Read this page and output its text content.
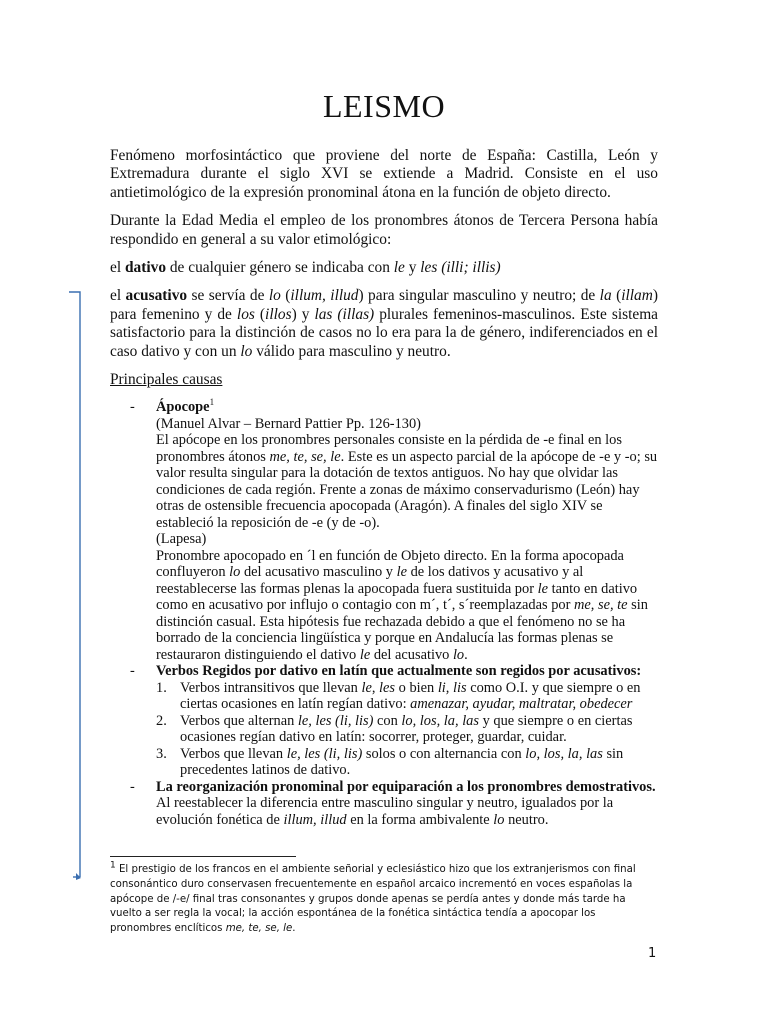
LEISMO

Fenómeno morfosintáctico que proviene del norte de España: Castilla, León y Extremadura durante el siglo XVI se extiende a Madrid. Consiste en el uso antietimológico de la expresión pronominal átona en la función de objeto directo.

Durante la Edad Media el empleo de los pronombres átonos de Tercera Persona había respondido en general a su valor etimológico:

el dativo de cualquier género se indicaba con le y les (illi; illis)

el acusativo se servía de lo (illum, illud) para singular masculino y neutro; de la (illam) para femenino y de los (illos) y las (illas) plurales femeninos-masculinos. Este sistema satisfactorio para la distinción de casos no lo era para la de género, indiferenciados en el caso dativo y con un lo válido para masculino y neutro.

Principales causas

- Ápocope$^1$
(Manuel Alvar – Bernard Pattier Pp. 126-130)
El apócope en los pronombres personales consiste en la pérdida de -e final en los pronombres átonos me, te, se, le. Este es un aspecto parcial de la apócope de -e y -o; su valor resulta singular para la dotación de textos antiguos. No hay que olvidar las condiciones de cada región. Frente a zonas de máximo conservadurismo (León) hay otras de ostensible frecuencia apocopada (Aragón). A finales del siglo XIV se estableció la reposición de -e (y de -o).
(Lapesa)
Pronombre apocopado en ´l en función de Objeto directo. En la forma apocopada confluyeron lo del acusativo masculino y le de los dativos y acusativo y al reestablecerse las formas plenas la apocopada fuera sustituida por le tanto en dativo como en acusativo por influjo o contagio con m´, t´, s´reemplazadas por me, se, te sin distinción casual. Esta hipótesis fue rechazada debido a que el fenómeno no se ha borrado de la conciencia lingüística y porque en Andalucía las formas plenas se restauraron distinguiendo el dativo le del acusativo lo.
- Verbos Regidos por dativo en latín que actualmente son regidos por acusativos:
1. Verbos intransitivos que llevan le, les o bien li, lis como O.I. y que siempre o en ciertas ocasiones en latín regían dativo: amenazar, ayudar, maltratar, obedecer
2. Verbos que alternan le, les (li, lis) con lo, los, la, las y que siempre o en ciertas ocasiones regían dativo en latín: socorrer, proteger, guardar, cuidar.
3. Verbos que llevan le, les (li, lis) solos o con alternancia con lo, los, la, las sin precedentes latinos de dativo.
- La reorganización pronominal por equiparación a los pronombres demostrativos.
Al reestablecer la diferencia entre masculino singular y neutro, igualados por la evolución fonética de illum, illud en la forma ambivalente lo neutro.
$^1$ El prestigio de los francos en el ambiente señorial y eclesiástico hizo que los extranjerismos con final consonántico duro conservasen frecuentemente en español arcaico incrementó en voces españolas la apócope de /-e/ final tras consonantes y grupos donde apenas se perdía antes y donde más tarde ha vuelto a ser regla la vocal; la acción espontánea de la fonética sintáctica tendía a apocopar los pronombres enclíticos me, te, se, le.
1
